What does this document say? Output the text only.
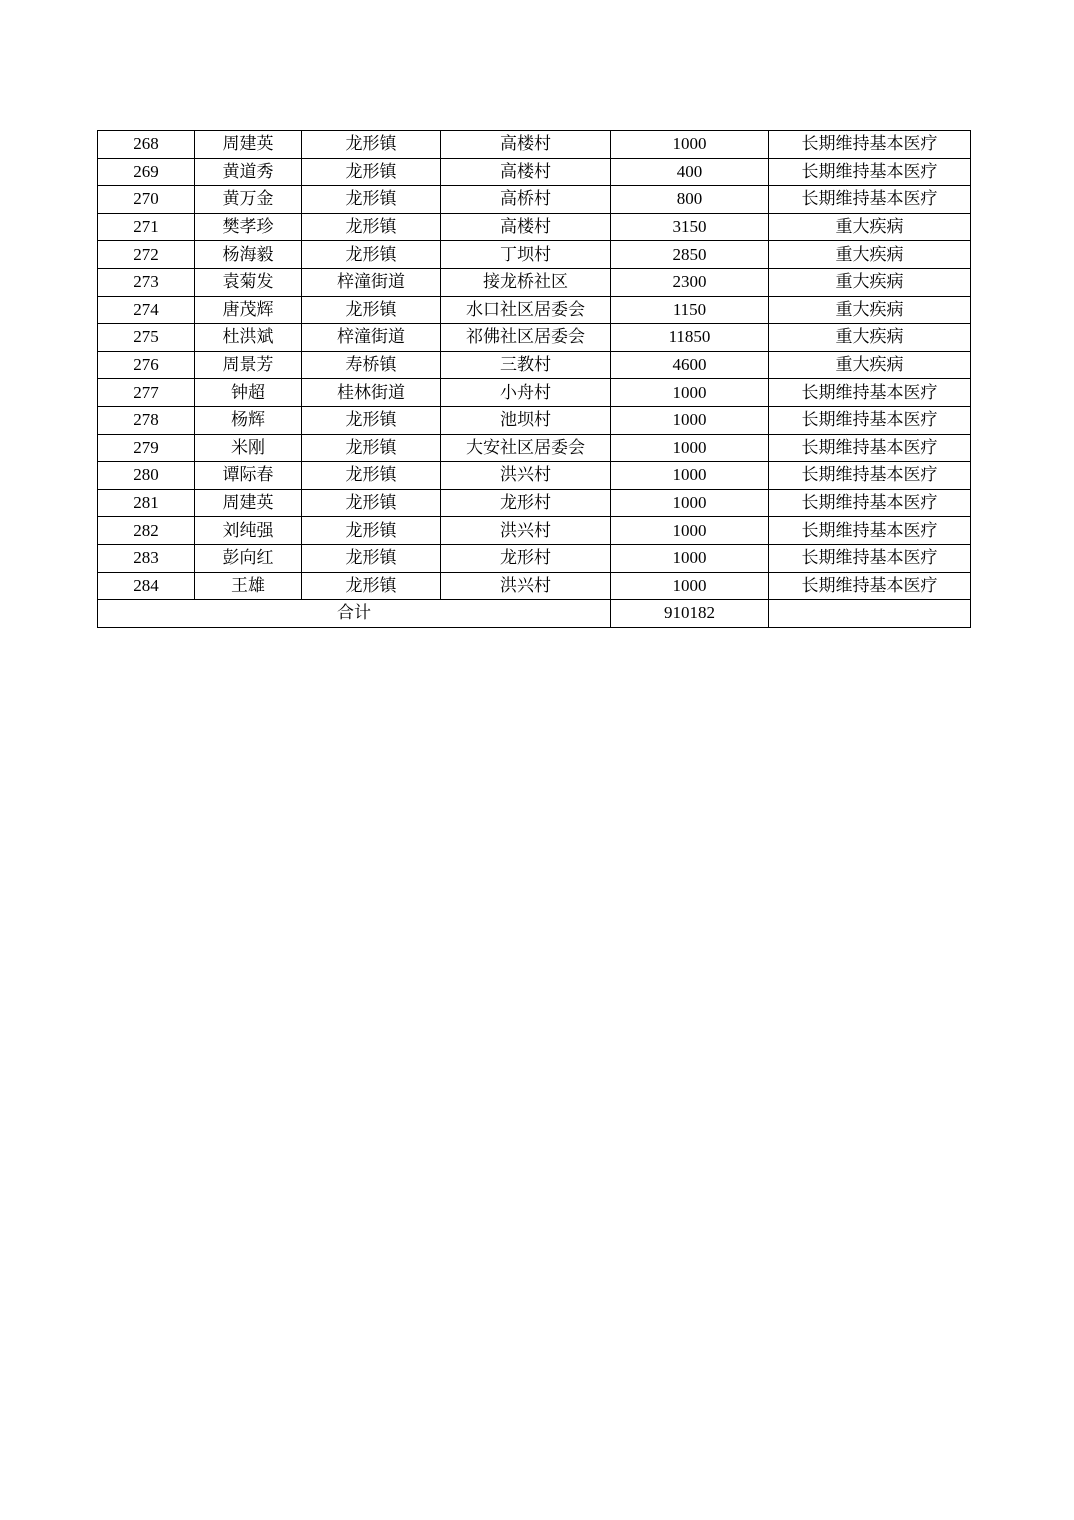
268	周建英	龙形镇	高楼村	1000	长期维持基本医疗
269	黄道秀	龙形镇	高楼村	400	长期维持基本医疗
270	黄万金	龙形镇	高桥村	800	长期维持基本医疗
271	樊孝珍	龙形镇	高楼村	3150	重大疾病
272	杨海毅	龙形镇	丁坝村	2850	重大疾病
273	袁菊发	梓潼街道	接龙桥社区	2300	重大疾病
274	唐茂辉	龙形镇	水口社区居委会	1150	重大疾病
275	杜洪斌	梓潼街道	祁佛社区居委会	11850	重大疾病
276	周景芳	寿桥镇	三教村	4600	重大疾病
277	钟超	桂林街道	小舟村	1000	长期维持基本医疗
278	杨辉	龙形镇	池坝村	1000	长期维持基本医疗
279	米刚	龙形镇	大安社区居委会	1000	长期维持基本医疗
280	谭际春	龙形镇	洪兴村	1000	长期维持基本医疗
281	周建英	龙形镇	龙形村	1000	长期维持基本医疗
282	刘纯强	龙形镇	洪兴村	1000	长期维持基本医疗
283	彭向红	龙形镇	龙形村	1000	长期维持基本医疗
284	王雄	龙形镇	洪兴村	1000	长期维持基本医疗
合计				910182	
